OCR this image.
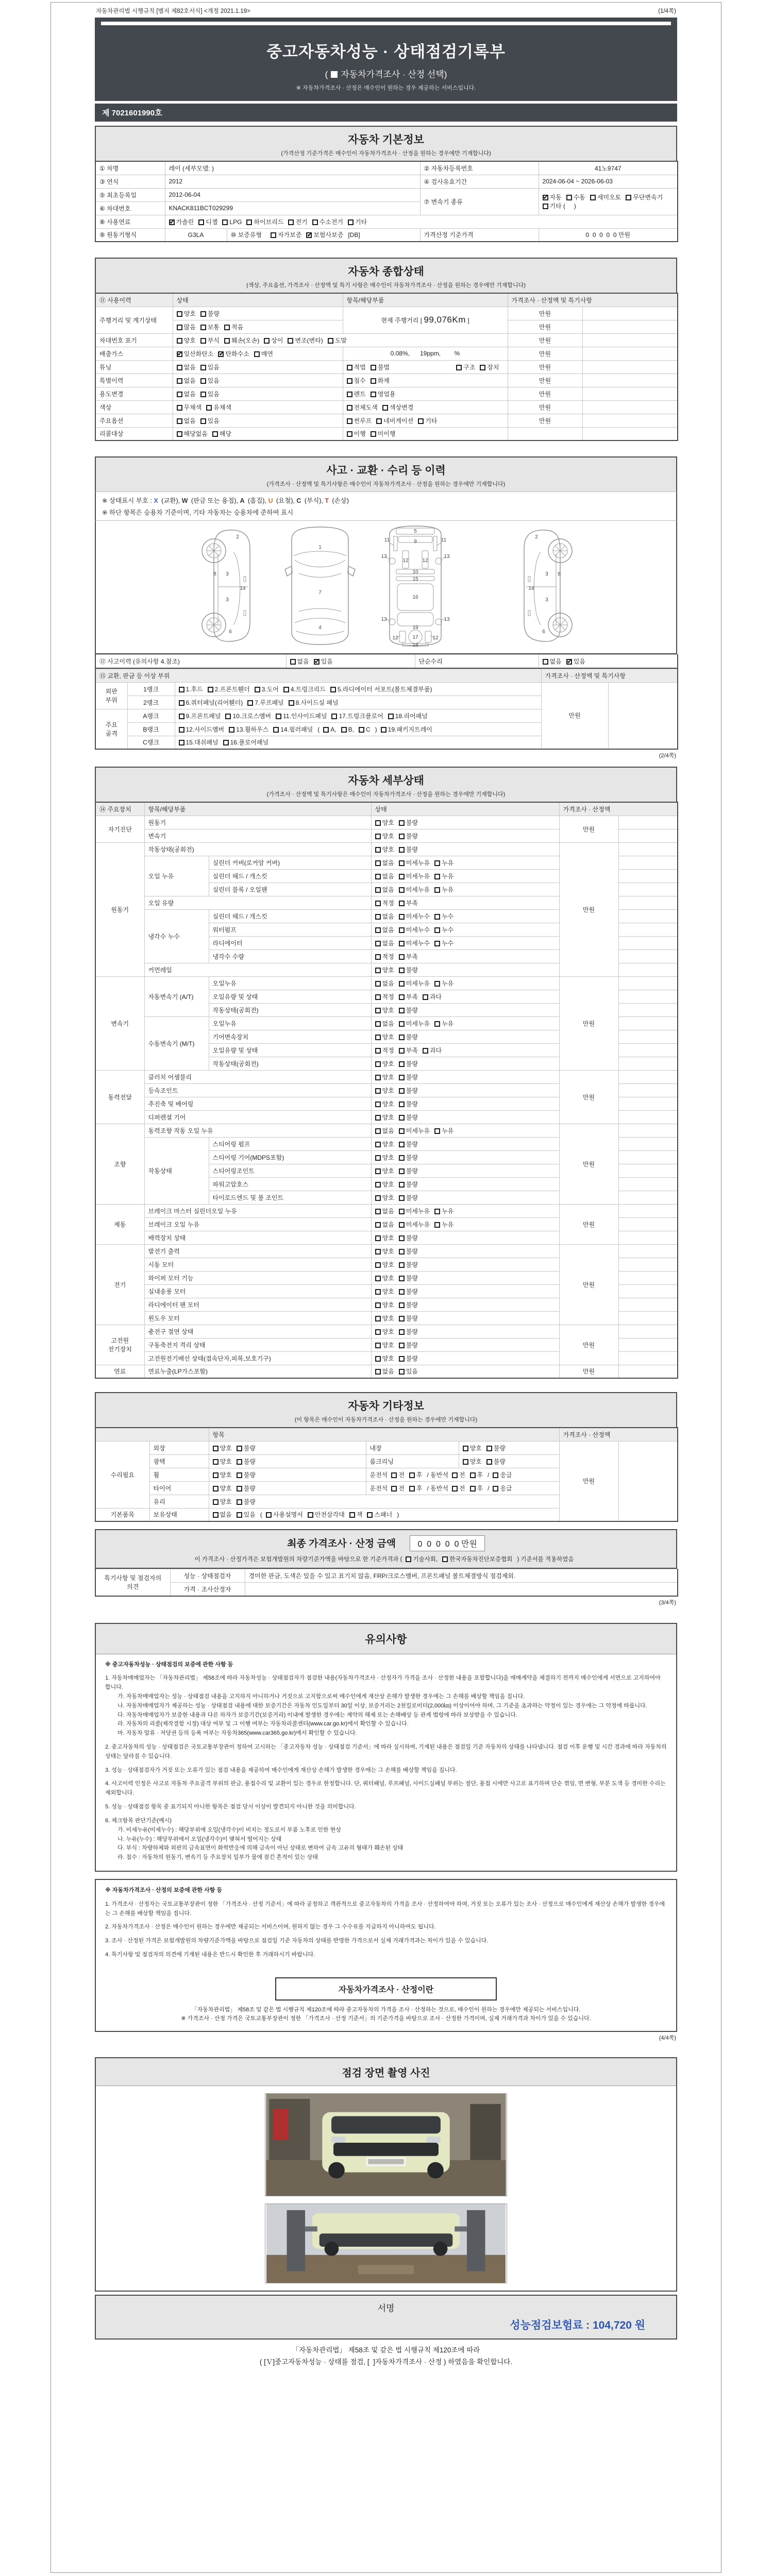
자동차관리법 시행규칙 [별지 제82호서식] <개정 2021.1.19>	(1/4쪽)
중고자동차성능 · 상태점검기록부
( 자동차가격조사 · 산정 선택)
※ 자동차가격조사 · 산정은 매수인이 원하는 경우 제공하는 서비스입니다.
제 7021601990호
자동차 기본정보
(가격산정 기준가격은 매수인이 자동차가격조사 · 산정을 원하는 경우에만 기재합니다)
① 차명	레이 (세부모델: )		② 자동차등록번호	41노9747
③ 연식	2012		④ 검사유효기간	2024-06-04 ~ 2026-06-03
⑤ 최초등록일	2012-06-04		⑦ 변속기 종류	✔자동 수동 세미오토 무단변속기기타 (     )
⑥ 차대번호	KNACK811BCT029299			
⑧ 사용연료	✔가솔린 디젤 LPG 하이브리드 전기 수소전기 기타
⑨ 원동기형식	G3LA	⑩ 보증유형   자가보증 ✔ 보험사보증 [DB]	가격산정 기준가격	0  0  0  0  0 만원
자동차 종합상태
(색상, 주요옵션, 가격조사 · 산정액 및 특기 사항은 매수인이 자동차가격조사 · 산정을 원하는 경우에만 기재합니다)
⑪ 사용이력	상태	항목/해당부품	가격조사 · 산정액 및 특기사항	
주행거리 및 계기상태	양호 불량	현재 주행거리 [ 99,076Km ]	만원	
	많음 보통 적음		만원	
차대번호 표기	양호 부식 훼손(오손) 상이 변조(변타) 도말		만원	
배출가스	✔일산화탄소 ✔ 탄화수소 매연	0.08%,      19ppm,        %	만원	
튜닝	없음 있음	적법 불법 구조 장치	만원	
특별이력	없음 있음	침수 화재	만원	
용도변경	없음 있음	렌트 영업용	만원	
색상	무채색 유채색	전체도색 색상변경	만원	
주요옵션	없음 있음	썬루프 네비게이션 기타	만원	
리콜대상	해당없음 해당	이행 미이행		
사고 · 교환 · 수리 등 이력
(가격조사 · 산정액 및 특기사항은 매수인이 자동차가격조사 · 산정을 원하는 경우에만 기재합니다)
※ 상태표시 부호 : X (교환), W (판금 또는 용접), A (흠집), U (요철), C (부식), T (손상)
※ 하단 항목은 승용차 기준이며, 기타 자동차는 승용차에 준하여 표시
2
8 3
3
14
6
1
7
4
5
11	11
9
13	13
12	12
10
15
16
13	13
19
12	12
17
18
2
8
3
3
14
6
⑫ 사고이력 (유의사항 4.참조)	없음 ✔ 있음	단순수리	없음 ✔ 있음
⑬ 교환, 판금 등 이상 부위			가격조사 · 산정액 및 특기사항	
외판 부위	1랭크	1.후드 2.프론트휀더 3.도어 4.트렁크리드 5.라디에이터 서포트(볼트체결부품)	만원	
	2랭크	6.쿼터패널(리어휀더) 7.루프패널 8.사이드실 패널		
주요 골격	A랭크	9.프론트패널 10.크로스멤버 11.인사이드패널 17.트렁크플로어 18.리어패널		
	B랭크	12.사이드멤버 13.휠하우스 14.필러패널 ( A, B, C ) 19.패키지트레이		
	C랭크	15.대쉬패널 16.플로어패널		
(2/4쪽)
자동차 세부상태
(가격조사 · 산정액 및 특기사항은 매수인이 자동차가격조사 · 산정을 원하는 경우에만 기재합니다)
⑭ 주요장치	항목/해당부품		상태	가격조사 · 산정액	
자기진단	원동기		양호 불량	만원	
	변속기		양호 불량		
원동기	작동상태(공회전)		양호 불량	만원	
	오일 누유	실린더 커버(로커암 커버)	없음 미세누유 누유		
		실린더 헤드 / 개스킷	없음 미세누유 누유		
		실린더 블록 / 오일팬	없음 미세누유 누유		
	오일 유량		적정 부족		
	냉각수 누수	실린더 헤드 / 개스킷	없음 미세누수 누수		
		워터펌프	없음 미세누수 누수		
		라디에이터	없음 미세누수 누수		
		냉각수 수량	적정 부족		
	커먼레일		양호 불량		
변속기	자동변속기 (A/T)	오일누유	없음 미세누유 누유	만원	
		오일유량 및 상태	적정 부족 과다		
		작동상태(공회전)	양호 불량		
	수동변속기 (M/T)	오일누유	없음 미세누유 누유		
		기어변속장치	양호 불량		
		오일유량 및 상태	적정 부족 과다		
		작동상태(공회전)	양호 불량		
동력전달	클러치 어셈블리		양호 불량	만원	
	등속조인트		양호 불량		
	추진축 및 베어링		양호 불량		
	디퍼렌셜 기어		양호 불량		
조향	동력조향 작동 오일 누유		없음 미세누유 누유	만원	
	작동상태	스티어링 펌프	양호 불량		
		스티어링 기어(MDPS포함)	양호 불량		
		스티어링조인트	양호 불량		
		파워고압호스	양호 불량		
		타이로드엔드 및 볼 조인트	양호 불량		
제동	브레이크 마스터 실린더오일 누유		없음 미세누유 누유	만원	
	브레이크 오일 누유		없음 미세누유 누유		
	배력장치 상태		양호 불량		
전기	발전기 출력		양호 불량	만원	
	시동 모터		양호 불량		
	와이퍼 모터 기능		양호 불량		
	실내송풍 모터		양호 불량		
	라디에이터 팬 모터		양호 불량		
	윈도우 모터		양호 불량		
고전원 전기장치	충전구 절연 상태		양호 불량	만원	
	구동축전지 격리 상태		양호 불량		
	고전원전기배선 상태(접속단자,피복,보호기구)		양호 불량		
연료	연료누출(LP가스포함)		없음 있음	만원	
자동차 기타정보
(이 항목은 매수인이 자동차가격조사 · 산정을 원하는 경우에만 기재합니다)
		항목			가격조사 · 산정액	
수리필요	외장	양호 불량	내장	양호 불량	만원	
	광택	양호 불량	룸크리닝	양호 불량		
	휠	양호 불량	운전석 전 후 / 동반석 전 후 / 응급			
	타이어	양호 불량	운전석 전 후 / 동반석 전 후 / 응급			
	유리	양호 불량				
기본품목	보유상태	없음 있음 ( 사용설명서 안전삼각대 잭 스패너 )				
최종 가격조사 · 산정 금액	0  0  0  0  0 만원
이 가격조사 · 산정가격은 보험개발원의 차량기준가액을 바탕으로 한 기준가격과 ( 기술사회, 한국자동차진단보증협회 ) 기준서를 적용하였음
특기사항 및 점검자의 의견	성능 · 상태점검자	경미한 판금, 도색은 있을 수 있고 표기치 않음, FRP/크로스멤버, 프론트패널 볼트체결방식 점검제외.
	가격 · 조사산정자	
(3/4쪽)
유의사항
※ 중고자동차성능 · 상태점검의 보증에 관한 사항 등
1. 자동차매매업자는 「자동차관리법」 제58조에 따라 자동차성능 · 상태점검자가 점검한 내용(자동차가격조사 · 산정자가 가격을 조사 · 산정한 내용을 포함합니다)을 매매계약을 체결하기 전까지 매수인에게 서면으로 고지하여야 합니다.
가. 자동차매매업자는 성능 · 상태점검 내용을 고지하지 아니하거나 거짓으로 고지함으로써 매수인에게 재산상 손해가 발생한 경우에는 그 손해를 배상할 책임을 집니다.
나. 자동차매매업자가 제공하는 성능 · 상태점검 내용에 대한 보증기간은 자동차 인도일부터 30일 이상, 보증거리는 2천킬로미터(2,000㎞) 이상이어야 하며, 그 기준을 초과하는 약정이 있는 경우에는 그 약정에 따릅니다.
다. 자동차매매업자가 보증한 내용과 다른 하자가 보증기간(보증거리) 이내에 발생한 경우에는 계약의 해제 또는 손해배상 등 관계 법령에 따라 보상받을 수 있습니다.
라. 자동차의 리콜(제작결함 시정) 대상 여부 및 그 이행 여부는 자동차리콜센터(www.car.go.kr)에서 확인할 수 있습니다.
마. 자동차 압류 · 저당권 등의 등록 여부는 자동차365(www.car365.go.kr)에서 확인할 수 있습니다.
2. 중고자동차의 성능 · 상태점검은 국토교통부장관이 정하여 고시하는 「중고자동차 성능 · 상태점검 기준서」에 따라 실시하며, 기재된 내용은 점검일 기준 자동차의 상태를 나타냅니다. 점검 이후 운행 및 시간 경과에 따라 자동차의 상태는 달라질 수 있습니다.
3. 성능 · 상태점검자가 거짓 또는 오류가 있는 점검 내용을 제공하여 매수인에게 재산상 손해가 발생한 경우에는 그 손해를 배상할 책임을 집니다.
4. 사고이력 인정은 사고로 자동차 주요골격 부위의 판금, 용접수리 및 교환이 있는 경우로 한정합니다. 단, 쿼터패널, 루프패널, 사이드실패널 부위는 절단, 용접 시에만 사고로 표기하며 단순 꺾임, 면 변형, 부분 도색 등 경미한 수리는 제외합니다.
5. 성능 · 상태점검 항목 중 표기되지 아니한 항목은 점검 당시 이상이 발견되지 아니한 것을 의미합니다.
6. 체크항목 판단기준(예시)
가. 미세누유(미세누수) : 해당부위에 오일(냉각수)이 비치는 정도로서 부품 노후로 인한 현상
나. 누유(누수) : 해당부위에서 오일(냉각수)이 맺혀서 떨어지는 상태
다. 부식 : 차량하체와 외판의 금속표면이 화학반응에 의해 금속이 아닌 상태로 변하여 금속 고유의 형태가 훼손된 상태
라. 침수 : 자동차의 원동기, 변속기 등 주요장치 일부가 물에 잠긴 흔적이 있는 상태
※ 자동차가격조사 · 산정의 보증에 관한 사항 등
1. 가격조사 · 산정자는 국토교통부장관이 정한 「가격조사 · 산정 기준서」에 따라 공정하고 객관적으로 중고자동차의 가격을 조사 · 산정하여야 하며, 거짓 또는 오류가 있는 조사 · 산정으로 매수인에게 재산상 손해가 발생한 경우에는 그 손해를 배상할 책임을 집니다.
2. 자동차가격조사 · 산정은 매수인이 원하는 경우에만 제공되는 서비스이며, 원하지 않는 경우 그 수수료를 지급하지 아니하여도 됩니다.
3. 조사 · 산정된 가격은 보험개발원의 차량기준가액을 바탕으로 점검일 기준 자동차의 상태를 반영한 가격으로서 실제 거래가격과는 차이가 있을 수 있습니다.
4. 특기사항 및 점검자의 의견에 기재된 내용은 반드시 확인한 후 거래하시기 바랍니다.
자동차가격조사 · 산정이란
「자동차관리법」 제58조 및 같은 법 시행규칙 제120조에 따라 중고자동차의 가격을 조사 · 산정하는 것으로, 매수인이 원하는 경우에만 제공되는 서비스입니다.
※ 가격조사 · 산정 가격은 국토교통부장관이 정한 「가격조사 · 산정 기준서」의 기준가격을 바탕으로 조사 · 산정한 가격이며, 실제 거래가격과 차이가 있을 수 있습니다.
(4/4쪽)
점검 장면 촬영 사진
서명
성능점검보험료 : 104,720 원
「자동차관리법」 제58조 및 같은 법 시행규칙 제120조에 따라
( [Ｖ]중고자동차성능 · 상태를 점검, [  ]자동차가격조사 · 산정 ) 하였음을 확인합니다.
